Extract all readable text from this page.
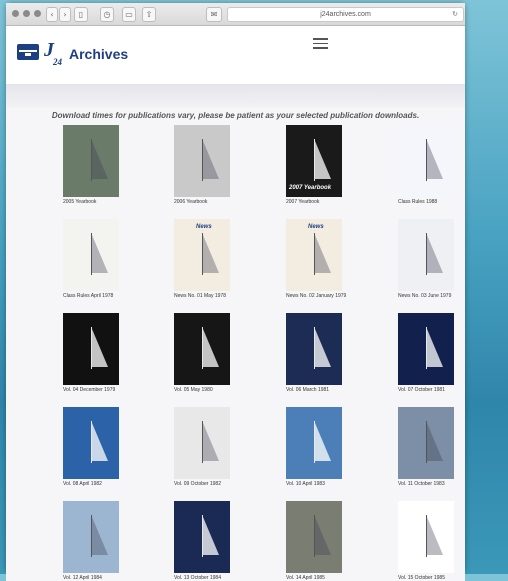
‹	›	▯	◷	▭	⇧	✉	j24archives.com	↻
J
24 Archives
Download times for publications vary, please be patient as your selected publication downloads.
2005 Yearbook	2006 Yearbook
2007 Yearbook
2007 Yearbook	Class Rules 1988
Class Rules April 1978
News
News No. 01 May 1978
News
News No. 02 January 1979	News No. 03 June 1979
Vol. 04 December 1979	Vol. 05 May 1980	Vol. 06 March 1981	Vol. 07 October 1981
Vol. 08 April 1982	Vol. 09 October 1982	Vol. 10 April 1983	Vol. 11 October 1983
Vol. 12 April 1984	Vol. 13 October 1984	Vol. 14 April 1985	Vol. 15 October 1985
